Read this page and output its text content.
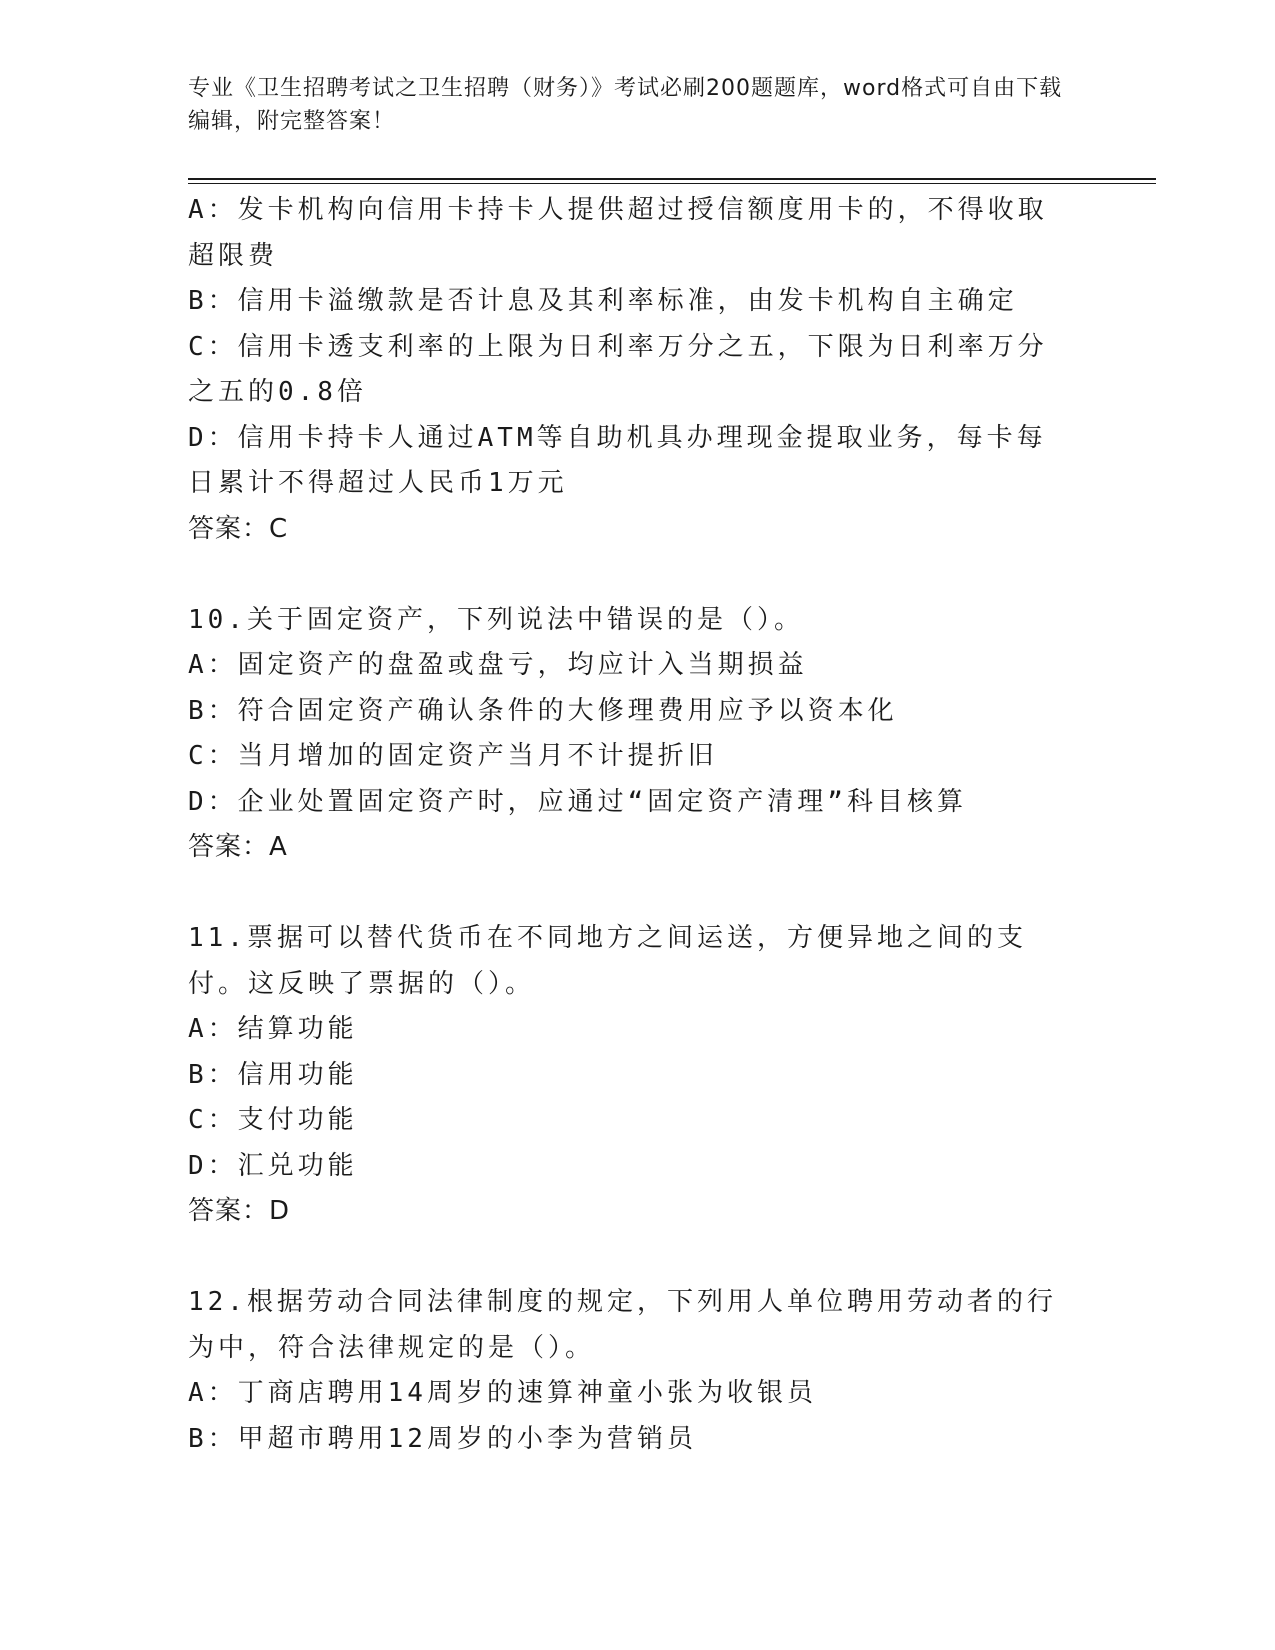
专业《卫生招聘考试之卫生招聘（财务）》考试必刷200题题库，word格式可自由下载编辑，附完整答案！
A：发卡机构向信用卡持卡人提供超过授信额度用卡的，不得收取超限费
B：信用卡溢缴款是否计息及其利率标准，由发卡机构自主确定
C：信用卡透支利率的上限为日利率万分之五，下限为日利率万分之五的0.8倍
D：信用卡持卡人通过ATM等自助机具办理现金提取业务，每卡每日累计不得超过人民币1万元
答案：C
10.关于固定资产，下列说法中错误的是（）。
A：固定资产的盘盈或盘亏，均应计入当期损益
B：符合固定资产确认条件的大修理费用应予以资本化
C：当月增加的固定资产当月不计提折旧
D：企业处置固定资产时，应通过“固定资产清理”科目核算
答案：A
11.票据可以替代货币在不同地方之间运送，方便异地之间的支付。这反映了票据的（）。
A：结算功能
B：信用功能
C：支付功能
D：汇兑功能
答案：D
12.根据劳动合同法律制度的规定，下列用人单位聘用劳动者的行为中，符合法律规定的是（）。
A：丁商店聘用14周岁的速算神童小张为收银员
B：甲超市聘用12周岁的小李为营销员
